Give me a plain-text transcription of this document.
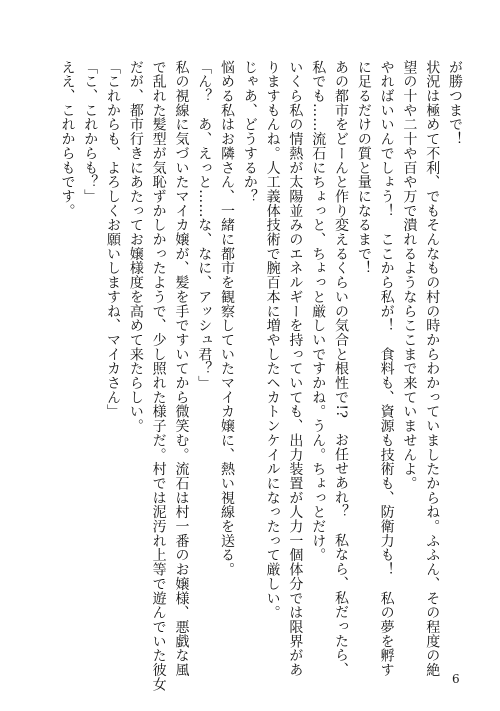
が勝つまで！
状況は極めて不利、でもそんなもの村の時からわかっていましたからね。ふふん、その程度の絶
望の十や二十や百や万で潰れるようならここまで来ていませんよ。
やればいいんでしょう！　ここから私が！　食料も、資源も技術も、防衛力も！　私の夢を孵す
に足るだけの質と量になるまで！
あの都市をどーんと作り変えるくらいの気合と根性で!?　お任せあれ？　私なら、私だったら、
私でも……流石にちょっと、ちょっと厳しいですかね。うん。ちょっとだけ。
いくら私の情熱が太陽並みのエネルギーを持っていても、出力装置が人力一個体分では限界があ
りますもんね。人工義体技術で腕百本に増やしたヘカトンケイルになったって厳しい。
じゃあ、どうするか？
悩める私はお隣さん、一緒に都市を観察していたマイカ嬢に、熱い視線を送る。
「ん？　あ、えっと……な、なに、アッシュ君？」
私の視線に気づいたマイカ嬢が、髪を手ですいてから微笑む。流石は村一番のお嬢様、悪戯な風
で乱れた髪型が気恥ずかしかったようで、少し照れた様子だ。村では泥汚れ上等で遊んでいた彼女
だが、都市行きにあたってお嬢様度を高めて来たらしい。
「これからも、よろしくお願いしますね、マイカさん」
「こ、これからも？」
ええ、これからもです。
6
